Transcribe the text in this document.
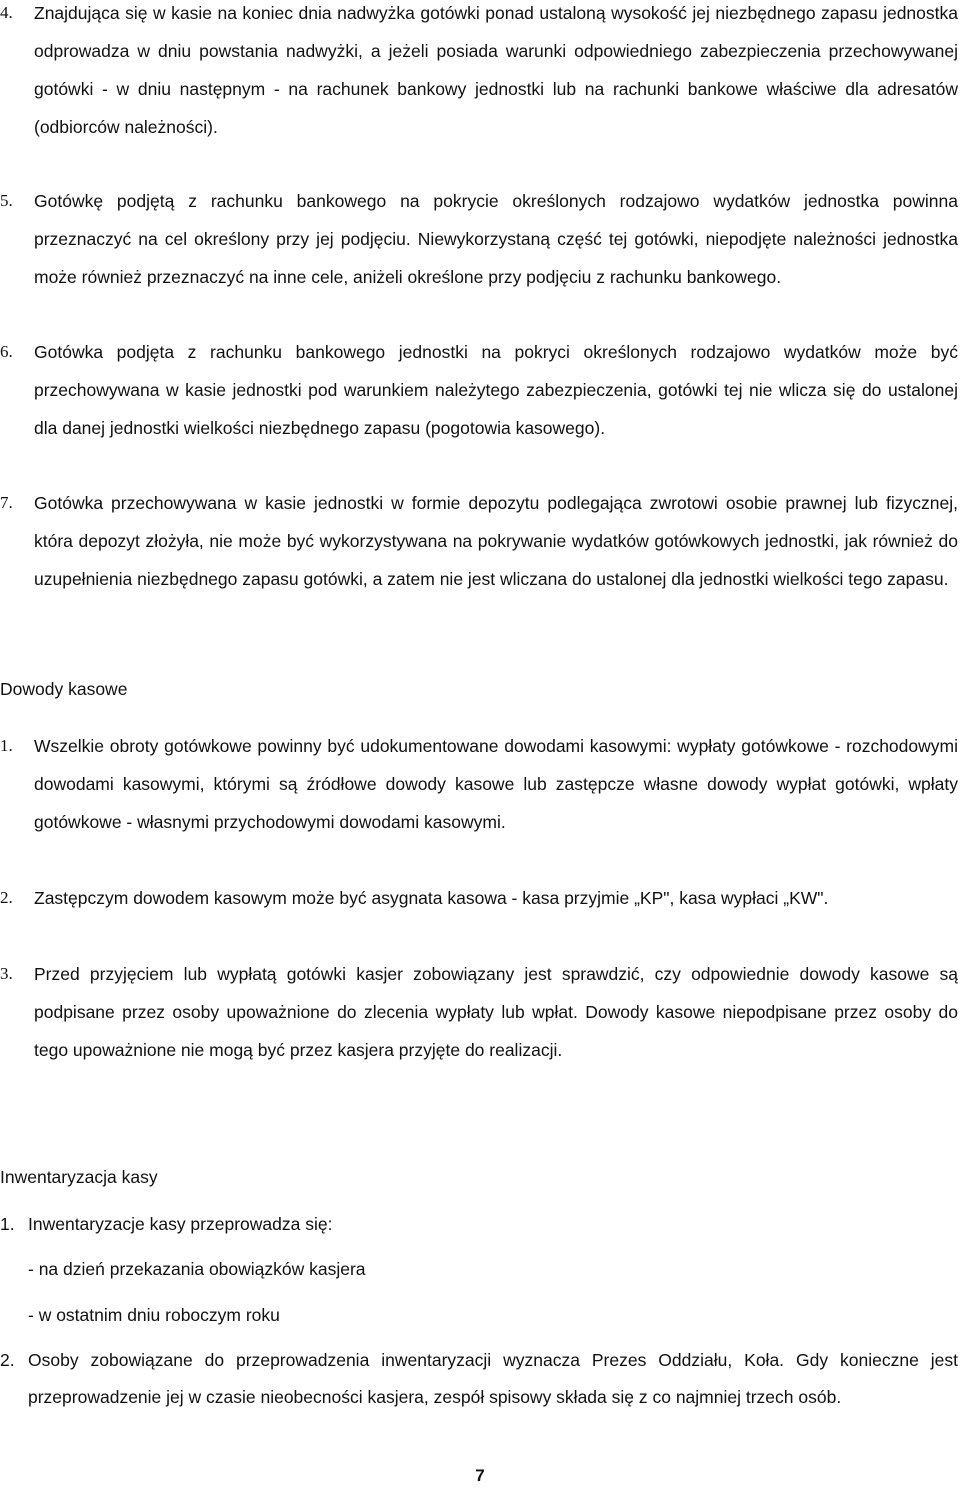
4. Znajdująca się w kasie na koniec dnia nadwyżka gotówki ponad ustaloną wysokość jej niezbędnego zapasu jednostka odprowadza w dniu powstania nadwyżki, a jeżeli posiada warunki odpowiedniego zabezpieczenia przechowywanej gotówki - w dniu następnym - na rachunek bankowy jednostki lub na rachunki bankowe właściwe dla adresatów (odbiorców należności).

5. Gotówkę podjętą z rachunku bankowego na pokrycie określonych rodzajowo wydatków jednostka powinna przeznaczyć na cel określony przy jej podjęciu. Niewykorzystaną część tej gotówki, niepodjęte należności jednostka może również przeznaczyć na inne cele, aniżeli określone przy podjęciu z rachunku bankowego.

6. Gotówka podjęta z rachunku bankowego jednostki na pokryci określonych rodzajowo wydatków może być przechowywana w kasie jednostki pod warunkiem należytego zabezpieczenia, gotówki tej nie wlicza się do ustalonej dla danej jednostki wielkości niezbędnego zapasu (pogotowia kasowego).

7. Gotówka przechowywana w kasie jednostki w formie depozytu podlegająca zwrotowi osobie prawnej lub fizycznej, która depozyt złożyła, nie może być wykorzystywana na pokrywanie wydatków gotówkowych jednostki, jak również do uzupełnienia niezbędnego zapasu gotówki, a zatem nie jest wliczana do ustalonej dla jednostki wielkości tego zapasu.

Dowody kasowe
1. Wszelkie obroty gotówkowe powinny być udokumentowane dowodami kasowymi: wypłaty gotówkowe - rozchodowymi dowodami kasowymi, którymi są źródłowe dowody kasowe lub zastępcze własne dowody wypłat gotówki, wpłaty gotówkowe - własnymi przychodowymi dowodami kasowymi.

2. Zastępczym dowodem kasowym może być asygnata kasowa - kasa przyjmie „KP", kasa wypłaci „KW".

3. Przed przyjęciem lub wypłatą gotówki kasjer zobowiązany jest sprawdzić, czy odpowiednie dowody kasowe są podpisane przez osoby upoważnione do zlecenia wypłaty lub wpłat. Dowody kasowe niepodpisane przez osoby do tego upoważnione nie mogą być przez kasjera przyjęte do realizacji.

Inwentaryzacja kasy
1. Inwentaryzacje kasy przeprowadza się:
- na dzień przekazania obowiązków kasjera
- w ostatnim dniu roboczym roku
2. Osoby zobowiązane do przeprowadzenia inwentaryzacji wyznacza Prezes Oddziału, Koła. Gdy konieczne jest przeprowadzenie jej w czasie nieobecności kasjera, zespół spisowy składa się z co najmniej trzech osób.

7
